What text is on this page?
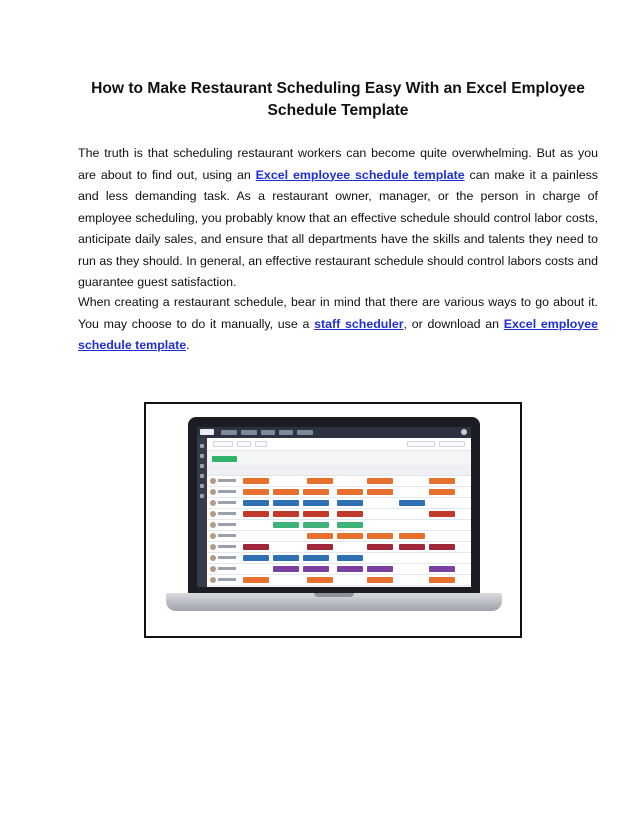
How to Make Restaurant Scheduling Easy With an Excel Employee Schedule Template
The truth is that scheduling restaurant workers can become quite overwhelming. But as you are about to find out, using an Excel employee schedule template can make it a painless and less demanding task. As a restaurant owner, manager, or the person in charge of employee scheduling, you probably know that an effective schedule should control labor costs, anticipate daily sales, and ensure that all departments have the skills and talents they need to run as they should. In general, an effective restaurant schedule should control labors costs and guarantee guest satisfaction.
When creating a restaurant schedule, bear in mind that there are various ways to go about it. You may choose to do it manually, use a staff scheduler, or download an Excel employee schedule template.
